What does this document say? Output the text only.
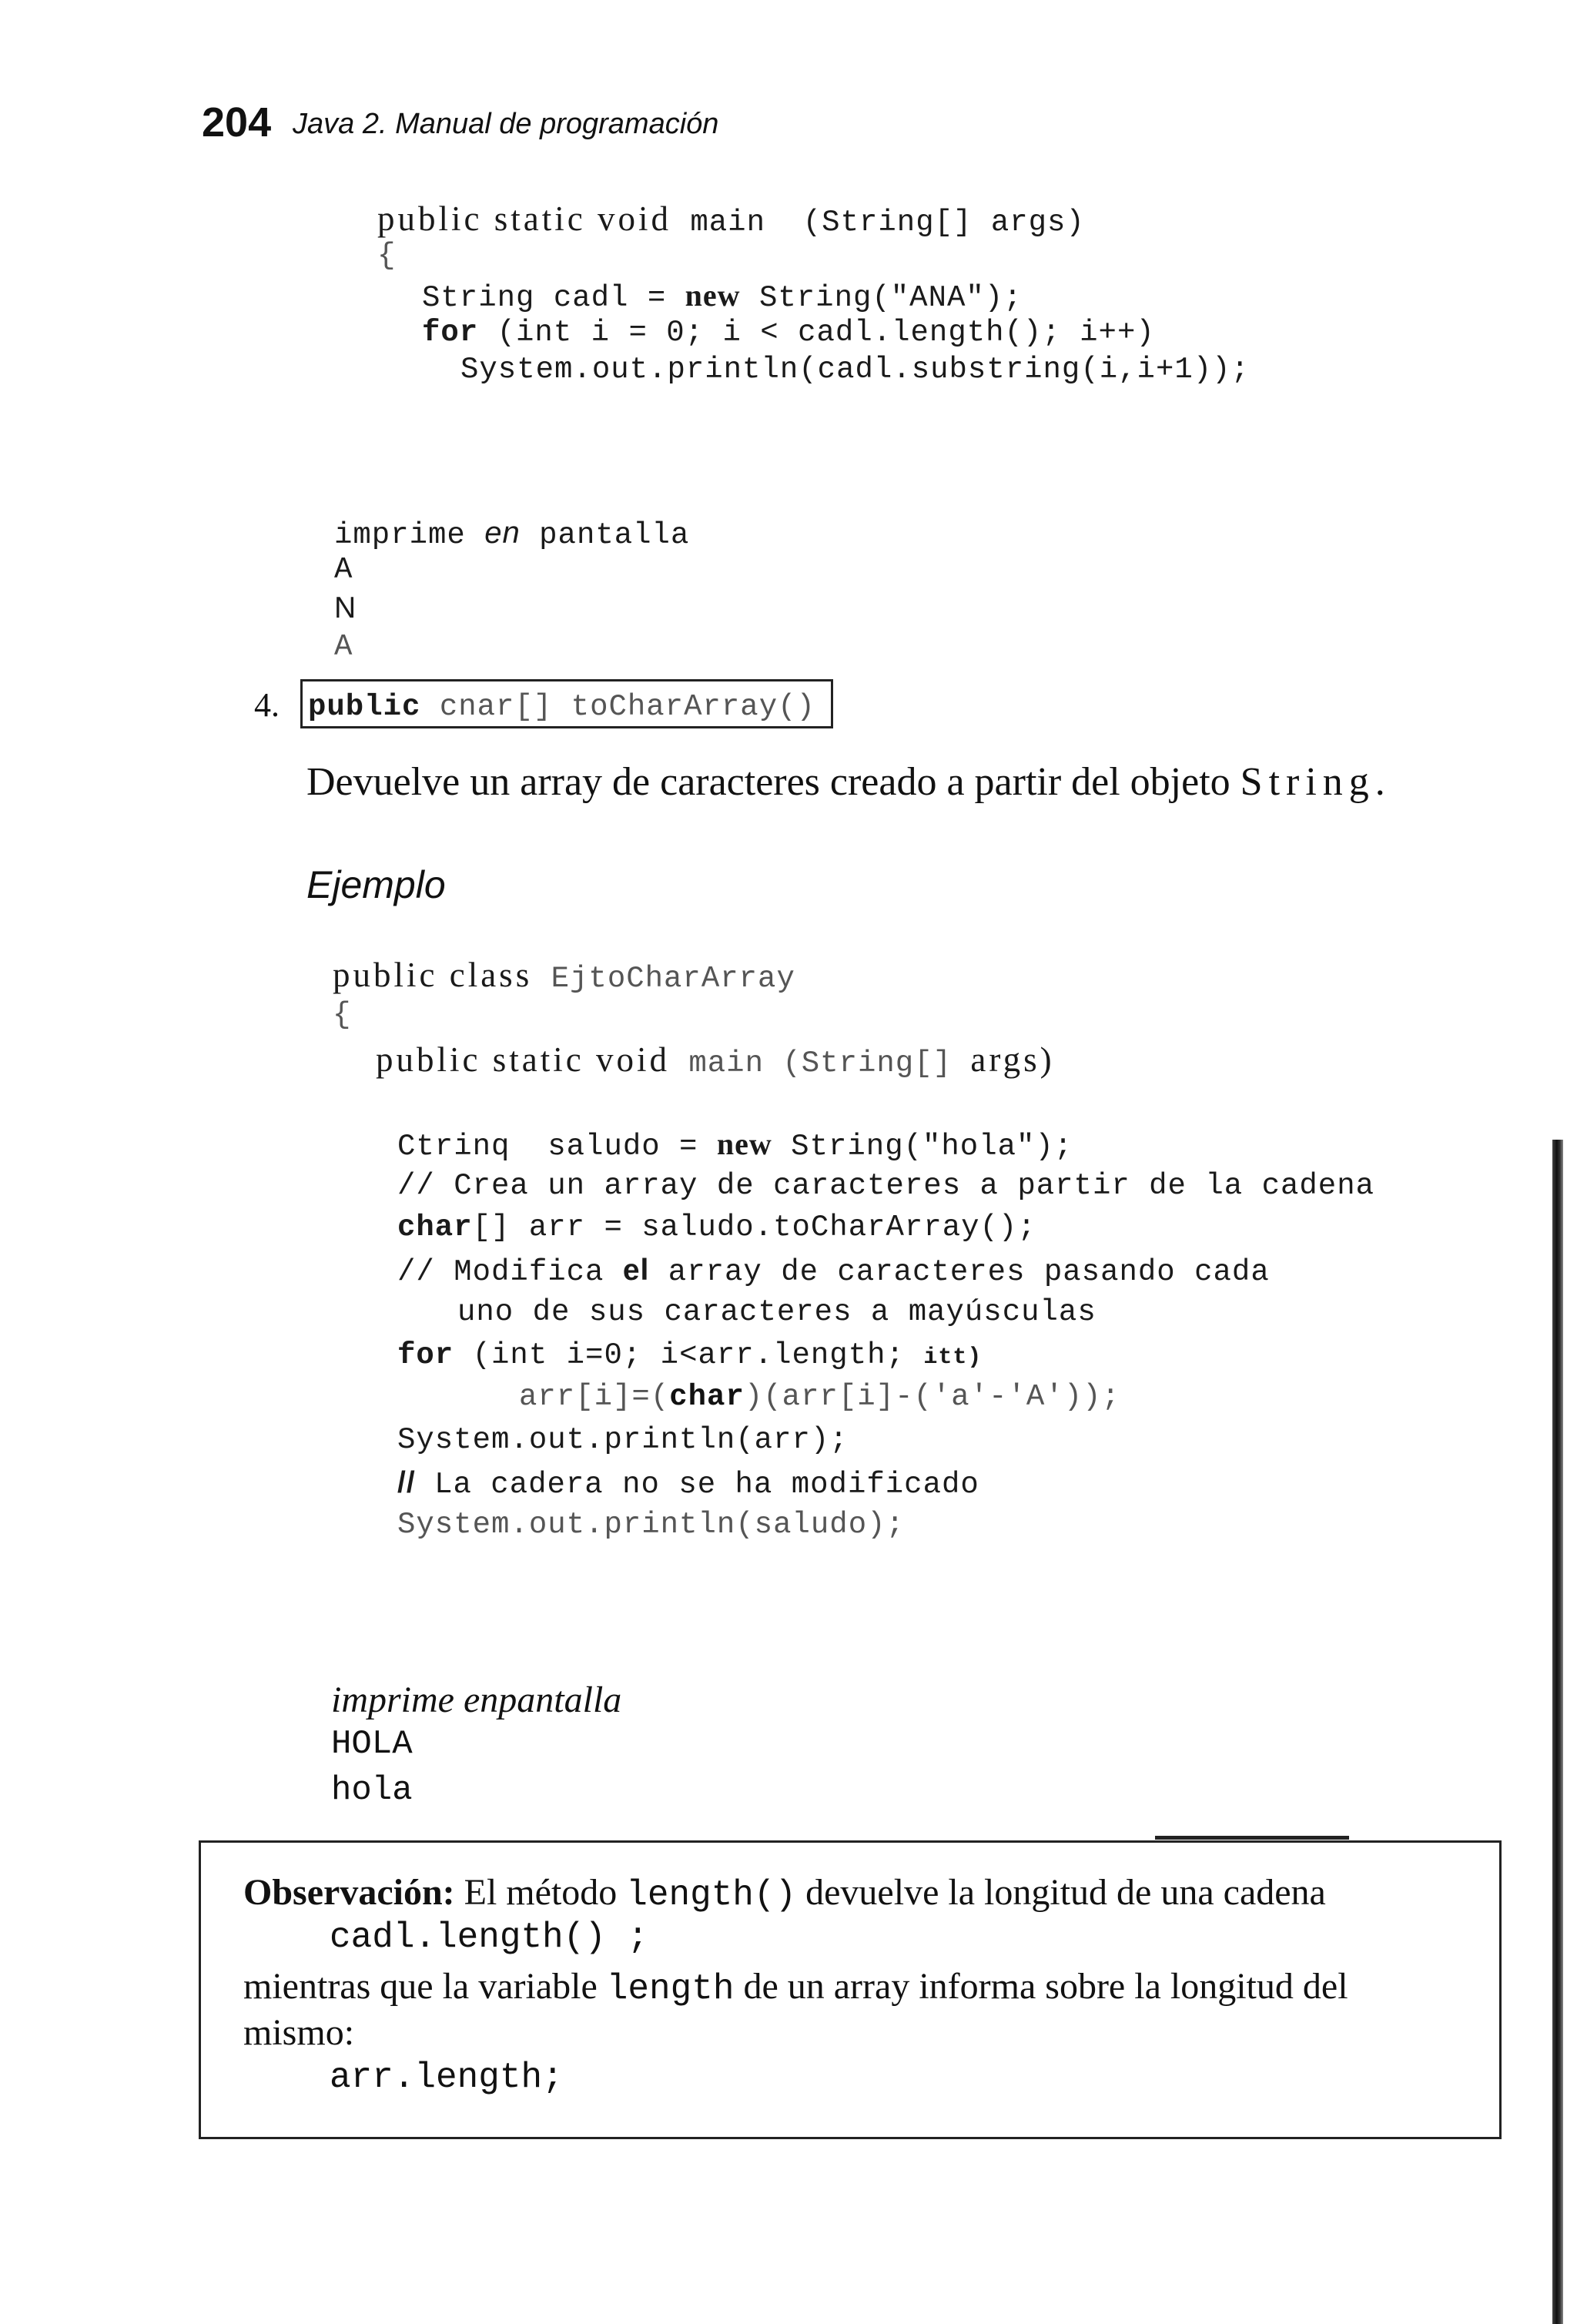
204 Java 2. Manual de programación
public static void main  (String[] args)
{
String cadl = new String("ANA");
for (int i = 0; i < cadl.length(); i++)
System.out.println(cadl.substring(i,i+1));
imprime en pantalla
A
N
A
4. public cnar[] toCharArray()
Devuelve un array de caracteres creado a partir del objeto String.
Ejemplo
public class EjtoCharArray
{
public static void main (String[] args)
Ctrinq  saludo = new String("hola");
// Crea un array de caracteres a partir de la cadena
char[] arr = saludo.toCharArray();
// Modifica el array de caracteres pasando cada
uno de sus caracteres a mayúsculas
for (int i=0; i<arr.length; itt)
arr[i]=(char)(arr[i]-('a'-'A'));
System.out.println(arr);
// La cadera no se ha modificado
System.out.println(saludo);
imprime enpantalla
HOLA
hola
Observación: El método length() devuelve la longitud de una cadena
cadl.length() ;
mientras que la variable length de un array informa sobre la longitud del
mismo:
arr.length;
